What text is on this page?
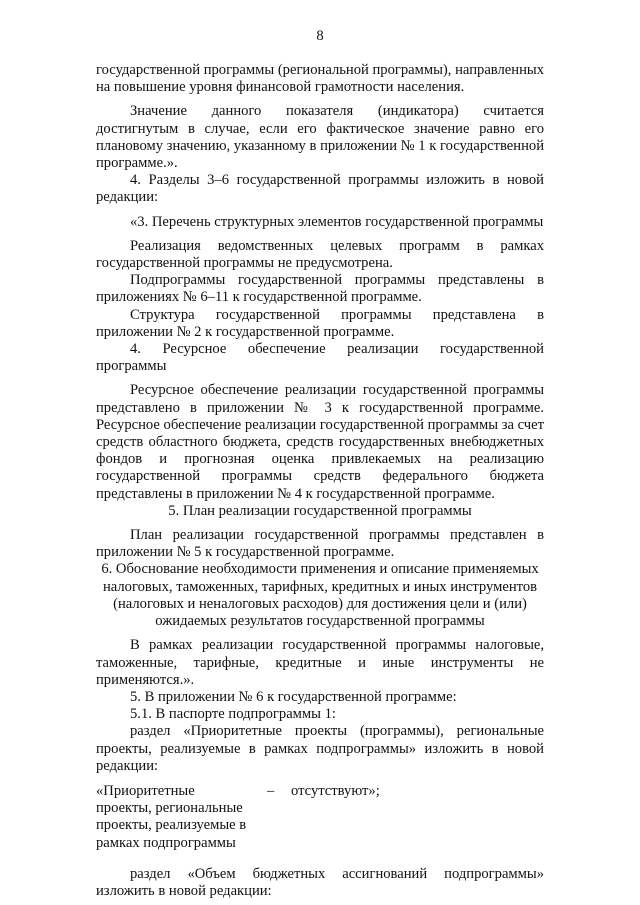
8

государственной программы (региональной программы), направленных на повышение уровня финансовой грамотности населения.

Значение данного показателя (индикатора) считается достигнутым в случае, если его фактическое значение равно его плановому значению, указанному в приложении № 1 к государственной программе.».

4. Разделы 3–6 государственной программы изложить в новой редакции:

«3. Перечень структурных элементов государственной программы

Реализация ведомственных целевых программ в рамках государственной программы не предусмотрена.

Подпрограммы государственной программы представлены в приложениях № 6–11 к государственной программе.

Структура государственной программы представлена в приложении № 2 к государственной программе.

4. Ресурсное обеспечение реализации государственной программы

Ресурсное обеспечение реализации государственной программы представлено в приложении № 3 к государственной программе. Ресурсное обеспечение реализации государственной программы за счет средств областного бюджета, средств государственных внебюджетных фондов и прогнозная оценка привлекаемых на реализацию государственной программы средств федерального бюджета представлены в приложении № 4 к государственной программе.

5. План реализации государственной программы

План реализации государственной программы представлен в приложении № 5 к государственной программе.

6. Обоснование необходимости применения и описание применяемых
налоговых, таможенных, тарифных, кредитных и иных инструментов
(налоговых и неналоговых расходов) для достижения цели и (или)
ожидаемых результатов государственной программы

В рамках реализации государственной программы налоговые, таможенные, тарифные, кредитные и иные инструменты не применяются.».

5. В приложении № 6 к государственной программе:

5.1. В паспорте подпрограммы 1:

раздел «Приоритетные проекты (программы), региональные проекты, реализуемые в рамках подпрограммы» изложить в новой редакции:

«Приоритетные проекты, региональные проекты, реализуемые в рамках подпрограммы
– отсутствуют»;

раздел «Объем бюджетных ассигнований подпрограммы» изложить в новой редакции:
